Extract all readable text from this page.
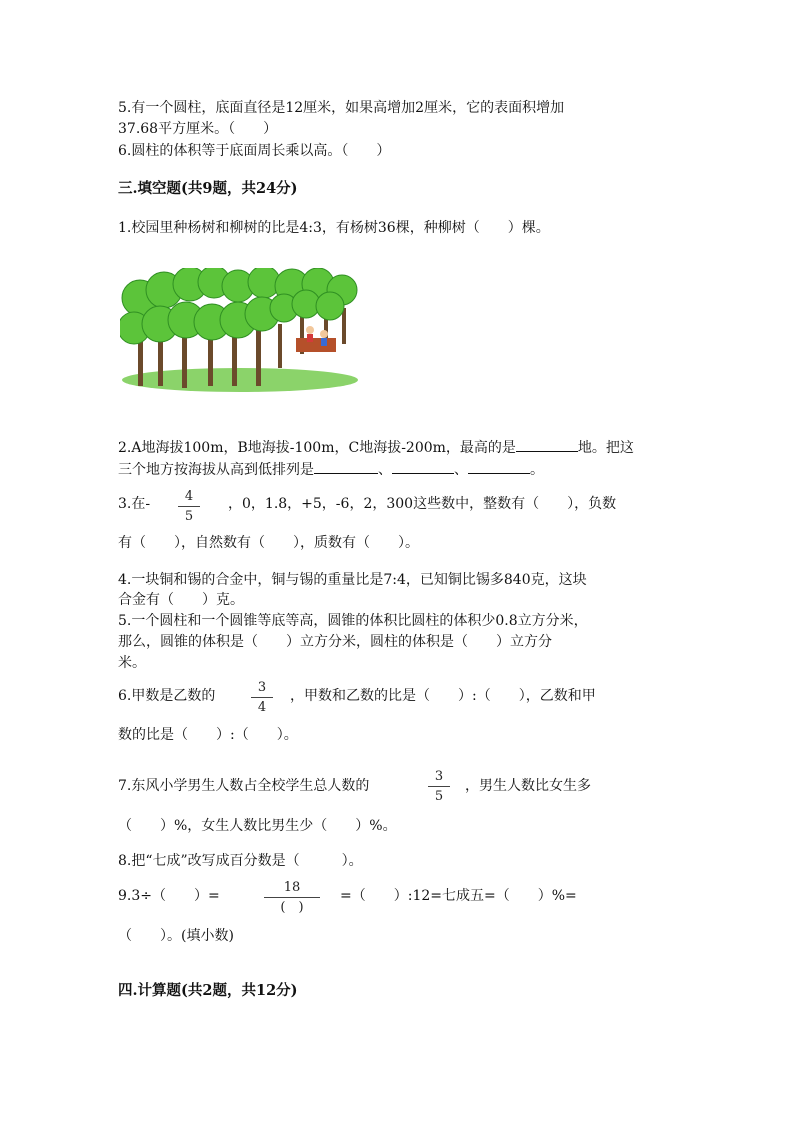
5.有一个圆柱，底面直径是12厘米，如果高增加2厘米，它的表面积增加
37.68平方厘米。（　　）
6.圆柱的体积等于底面周长乘以高。（　　）
三.填空题(共9题，共24分)
1.校园里种杨树和柳树的比是4:3，有杨树36棵，种柳树（　　）棵。
2.A地海拔100m，B地海拔-100m，C地海拔-200m，最高的是	地。把这
三个地方按海拔从高到低排列是	、	、	。
3.在-	4
5
，0，1.8，+5，-6，2，300这些数中，整数有（　　），负数
有（　　），自然数有（　　），质数有（　　）。
4.一块铜和锡的合金中，铜与锡的重量比是7:4，已知铜比锡多840克，这块
合金有（　　）克。
5.一个圆柱和一个圆锥等底等高，圆锥的体积比圆柱的体积少0.8立方分米，
那么，圆锥的体积是（　　）立方分米，圆柱的体积是（　　）立方分
米。
6.甲数是乙数的
3
4
，甲数和乙数的比是（　　）:（　　），乙数和甲
数的比是（　　）:（　　）。
7.东风小学男生人数占全校学生总人数的
3
5
，男生人数比女生多
（　　）%，女生人数比男生少（　　）%。
8.把“七成”改写成百分数是（　　　）。
9.3÷（　　）=
18
(　)
=（　　）:12=七成五=（　　）%=
（　　）。(填小数)
四.计算题(共2题，共12分)
